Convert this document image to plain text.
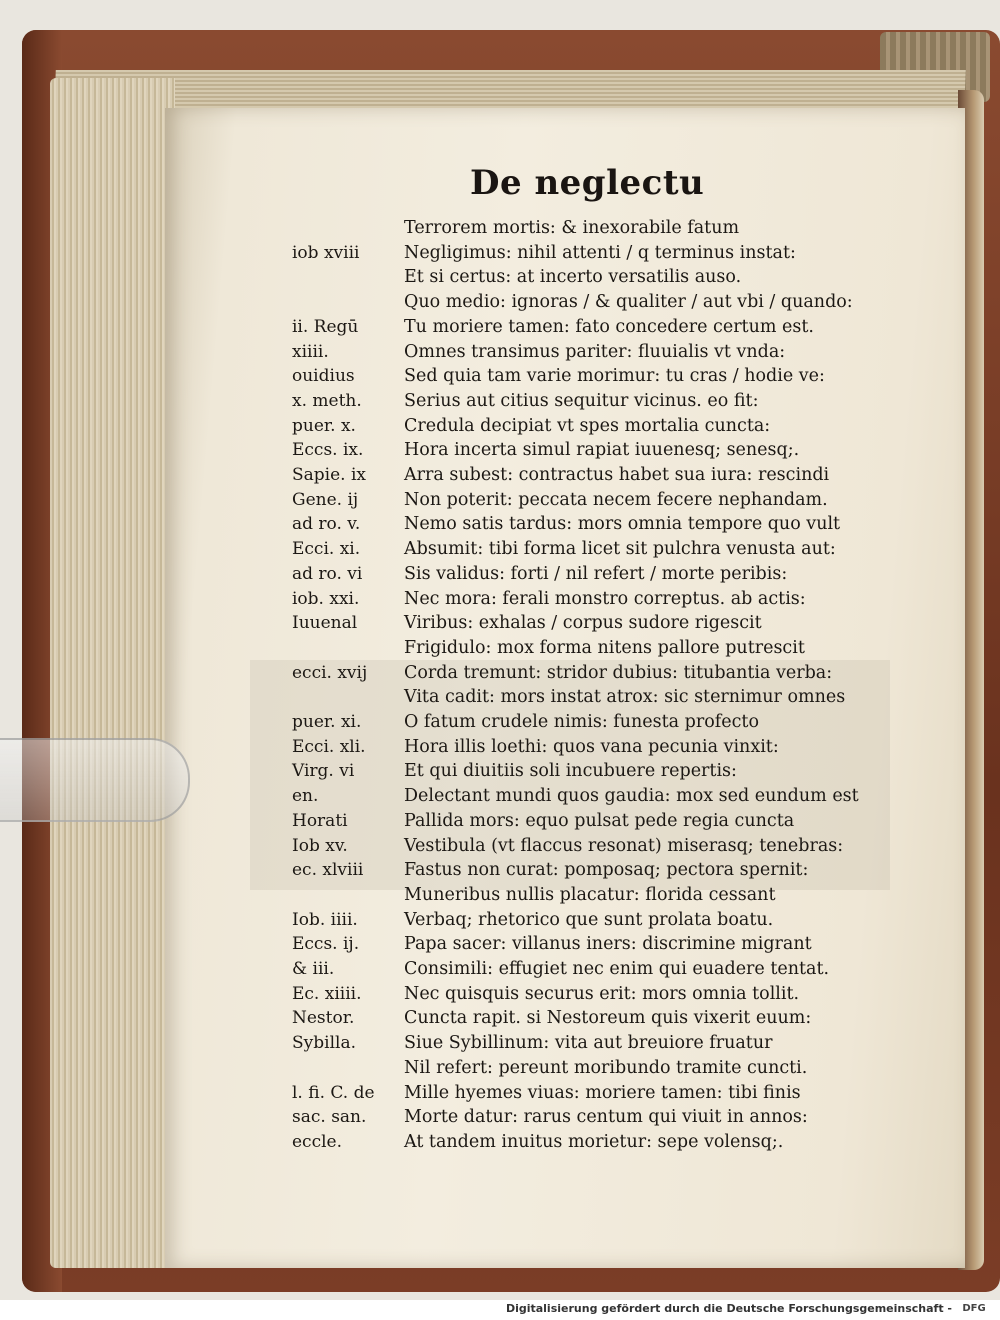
De neglectu
Terrorem mortis: & inexorabile fatum
iob xviii	Negligimus: nihil attenti / q terminus instat:
Et si certus: at incerto versatilis auso.
Quo medio: ignoras / & qualiter / aut vbi / quando:
ii. Regū	Tu moriere tamen: fato concedere certum est.
xiiii.	Omnes transimus pariter: fluuialis vt vnda:
ouidius	Sed quia tam varie morimur: tu cras / hodie ve:
x. meth.	Serius aut citius sequitur vicinus. eo fit:
puer. x.	Credula decipiat vt spes mortalia cuncta:
Eccs. ix.	Hora incerta simul rapiat iuuenesq; senesq;.
Sapie. ix	Arra subest: contractus habet sua iura: rescindi
Gene. ij	Non poterit: peccata necem fecere nephandam.
ad ro. v.	Nemo satis tardus: mors omnia tempore quo vult
Ecci. xi.	Absumit: tibi forma licet sit pulchra venusta aut:
ad ro. vi	Sis validus: forti / nil refert / morte peribis:
iob. xxi.	Nec mora: ferali monstro correptus. ab actis:
Iuuenal	Viribus: exhalas / corpus sudore rigescit
Frigidulo: mox forma nitens pallore putrescit
ecci. xvij	Corda tremunt: stridor dubius: titubantia verba:
Vita cadit: mors instat atrox: sic sternimur omnes
puer. xi.	O fatum crudele nimis: funesta profecto
Ecci. xli.	Hora illis loethi: quos vana pecunia vinxit:
Virg. vi	Et qui diuitiis soli incubuere repertis:
en.	Delectant mundi quos gaudia: mox sed eundum est
Horati	Pallida mors: equo pulsat pede regia cuncta
Iob xv.	Vestibula (vt flaccus resonat) miserasq; tenebras:
ec. xlviii	Fastus non curat: pomposaq; pectora spernit:
Muneribus nullis placatur: florida cessant
Iob. iiii.	Verbaq; rhetorico que sunt prolata boatu.
Eccs. ij.	Papa sacer: villanus iners: discrimine migrant
& iii.	Consimili: effugiet nec enim qui euadere tentat.
Ec. xiiii.	Nec quisquis securus erit: mors omnia tollit.
Nestor.	Cuncta rapit. si Nestoreum quis vixerit euum:
Sybilla.	Siue Sybillinum: vita aut breuiore fruatur
Nil refert: pereunt moribundo tramite cuncti.
l. fi. C. de	Mille hyemes viuas: moriere tamen: tibi finis
sac. san.	Morte datur: rarus centum qui viuit in annos:
eccle.	At tandem inuitus morietur: sepe volensq;.
Digitalisierung gefördert durch die Deutsche Forschungsgemeinschaft -	DFG
